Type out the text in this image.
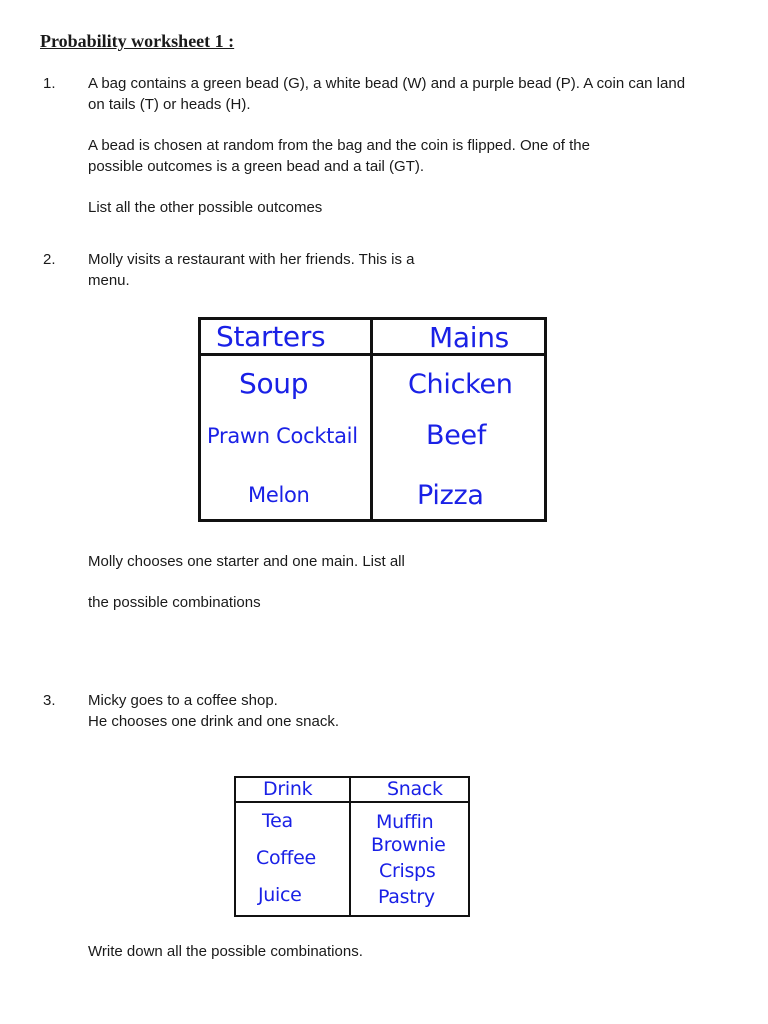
Probability worksheet 1 :
1. A bag contains a green bead (G), a white bead (W) and a purple bead (P). A coin can land on tails (T) or heads (H).

A bead is chosen at random from the bag and the coin is flipped. One of the possible outcomes is a green bead and a tail (GT).

List all the other possible outcomes

2. Molly visits a restaurant with her friends. This is a menu.

Starters	Mains
Soup
Prawn Cocktail
Melon
Chicken
Beef
Pizza

Molly chooses one starter and one main. List all

the possible combinations

3. Micky goes to a coffee shop.

He chooses one drink and one snack.

Drink	Snack
Tea
Coffee
Juice
Muffin
Brownie
Crisps
Pastry

Write down all the possible combinations.
